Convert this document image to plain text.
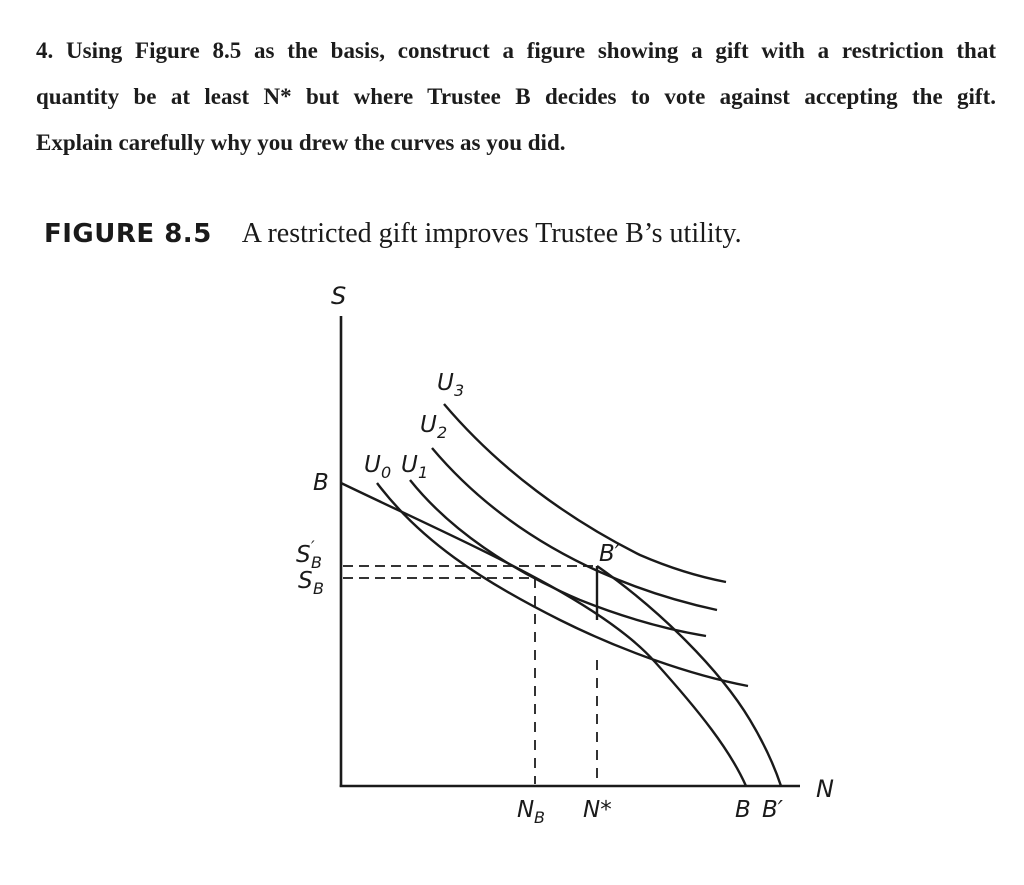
4. Using Figure 8.5 as the basis, construct a figure showing a gift with a restriction that
quantity be at least N* but where Trustee B decides to vote against accepting the gift.
Explain carefully why you drew the curves as you did.
FIGURE 8.5 A restricted gift improves Trustee B’s utility.
S
N
B
S B
′
S B
N B N*	B B′
B′
U 0 U 1
U 2
U 3
